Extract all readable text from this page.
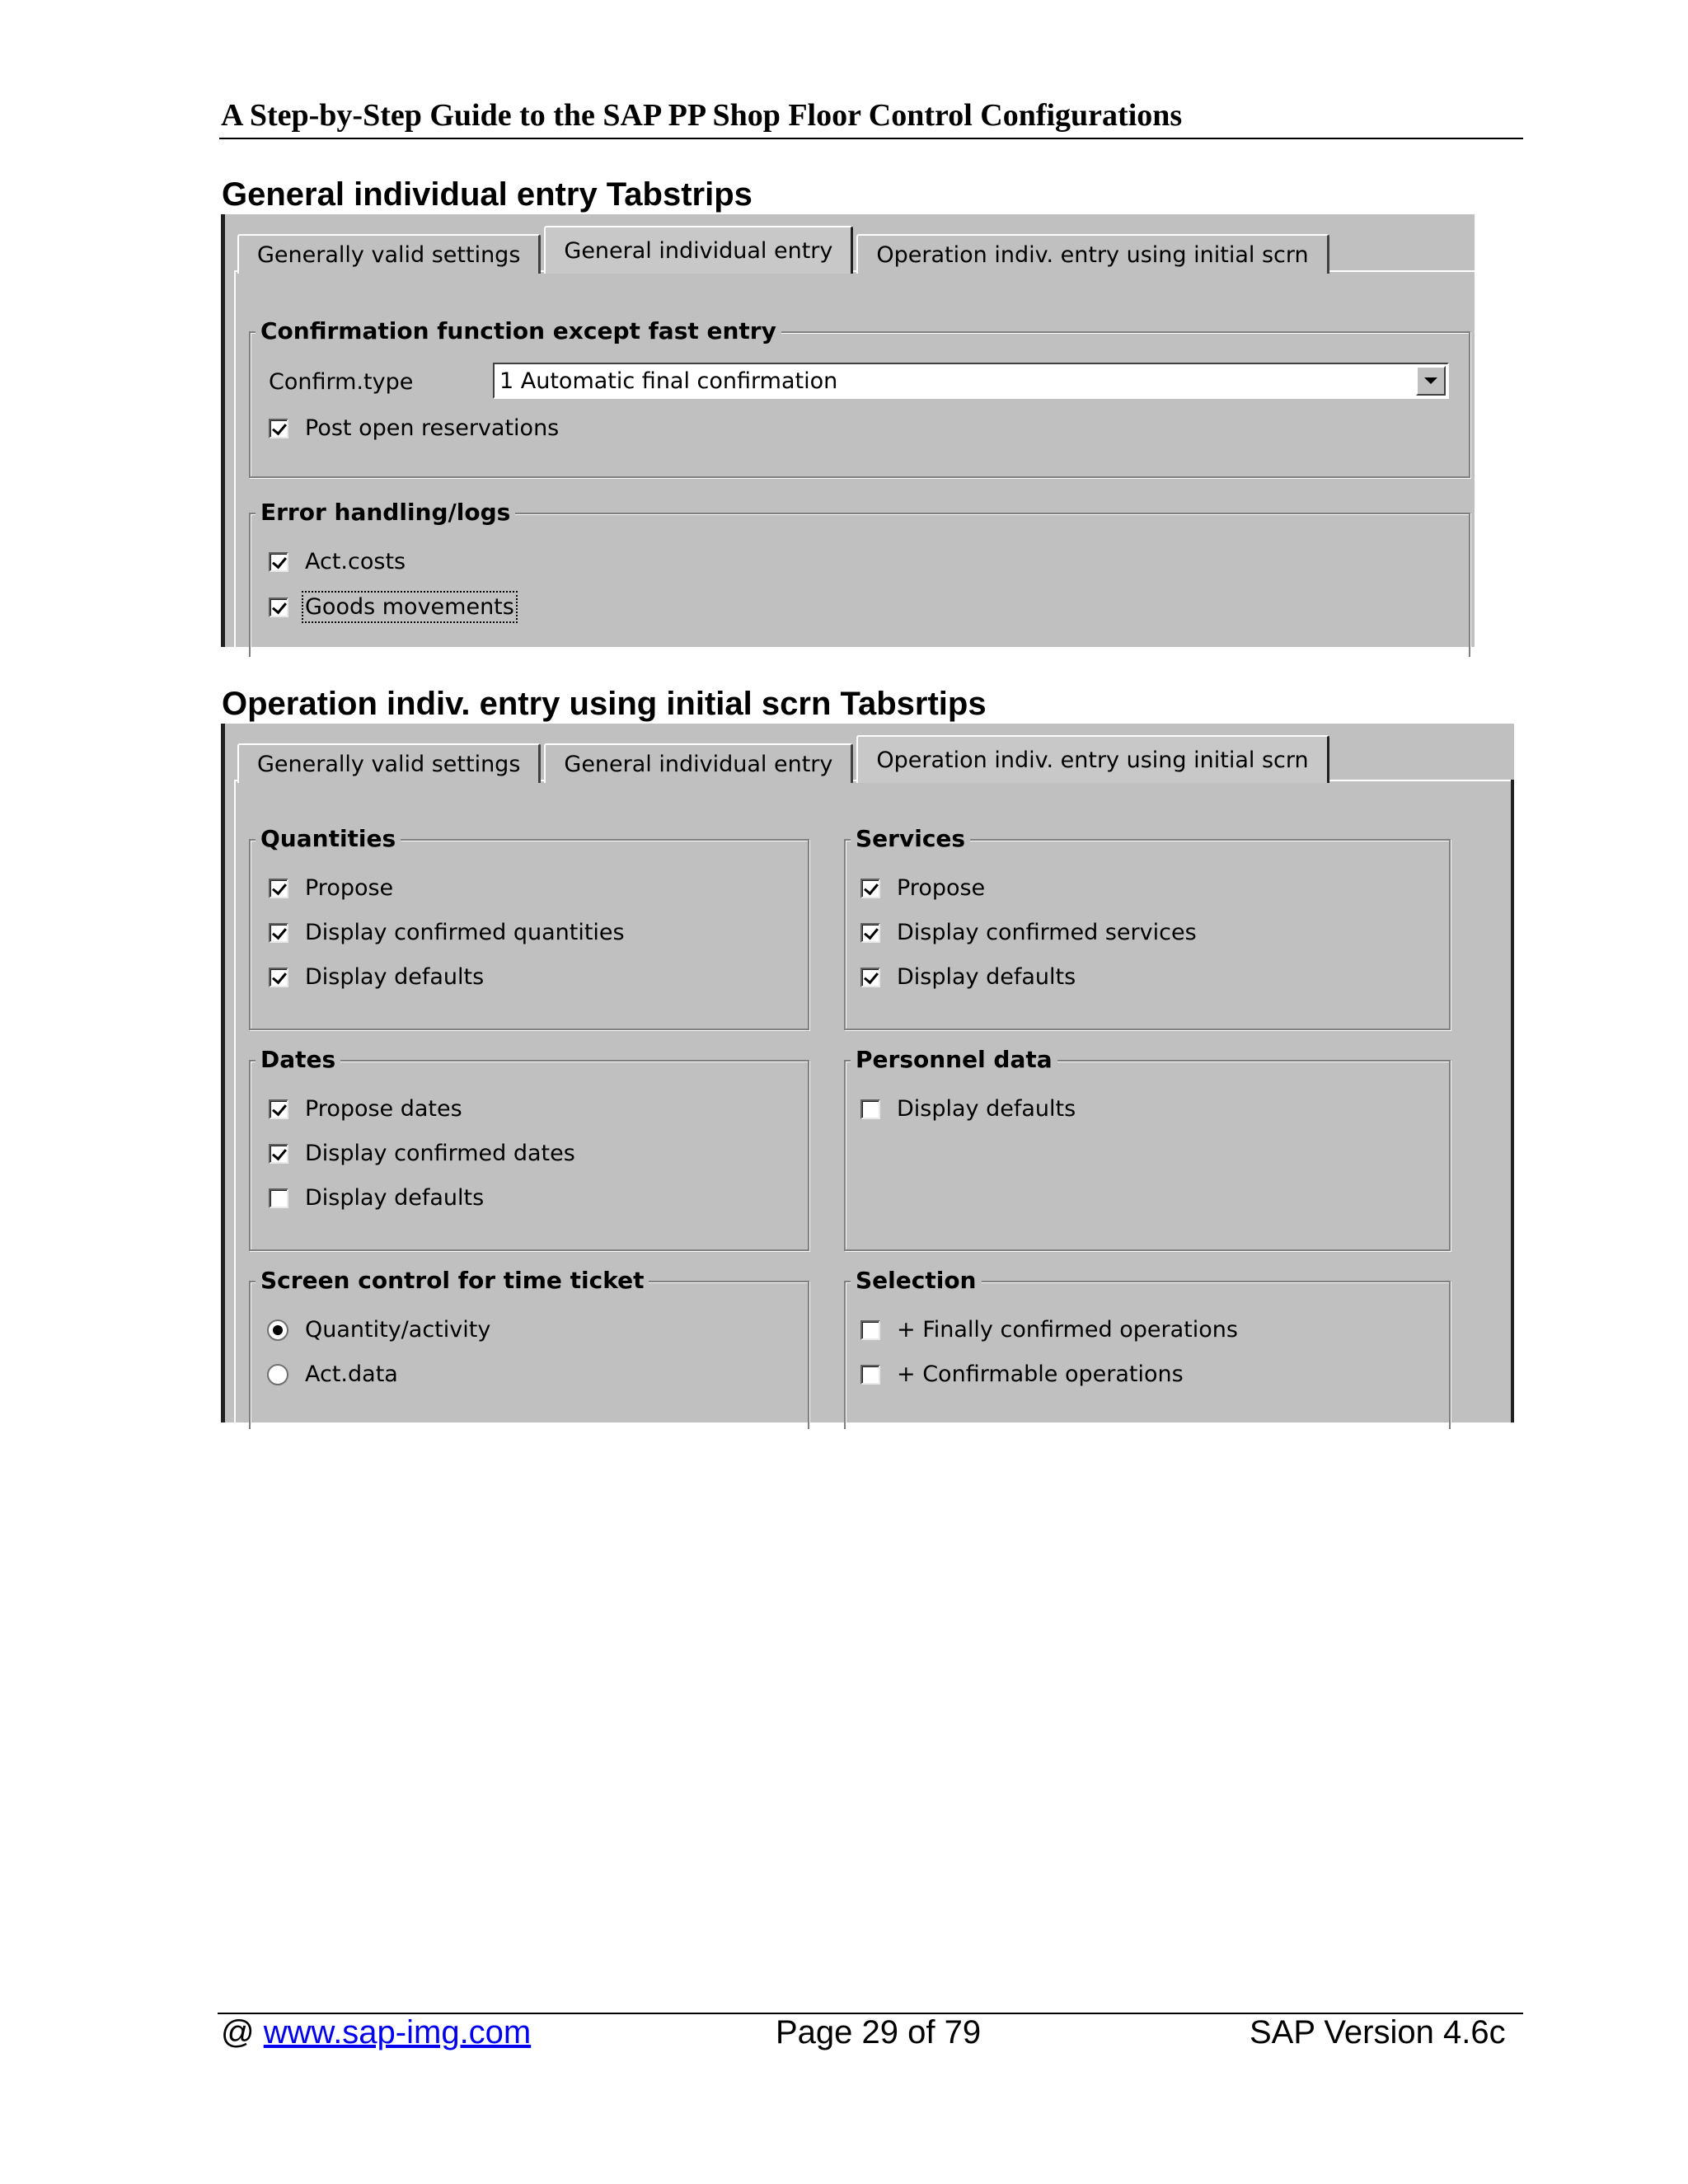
A Step-by-Step Guide to the SAP PP Shop Floor Control Configurations
General individual entry Tabstrips
Generally valid settings General individual entry Operation indiv. entry using initial scrn
Confirmation function except fast entry
Confirm.type	1 Automatic final confirmation
Post open reservations
Error handling/logs
Act.costs
Goods movements
Operation indiv. entry using initial scrn Tabsrtips
Generally valid settings General individual entry Operation indiv. entry using initial scrn
Quantities
Propose
Display confirmed quantities
Display defaults
Services
Propose
Display confirmed services
Display defaults
Dates
Propose dates
Display confirmed dates
Display defaults
Personnel data
Display defaults
Screen control for time ticket
Quantity/activity
Act.data
Selection
+ Finally confirmed operations
+ Confirmable operations
@ www.sap-img.com	Page 29 of 79	SAP Version 4.6c
